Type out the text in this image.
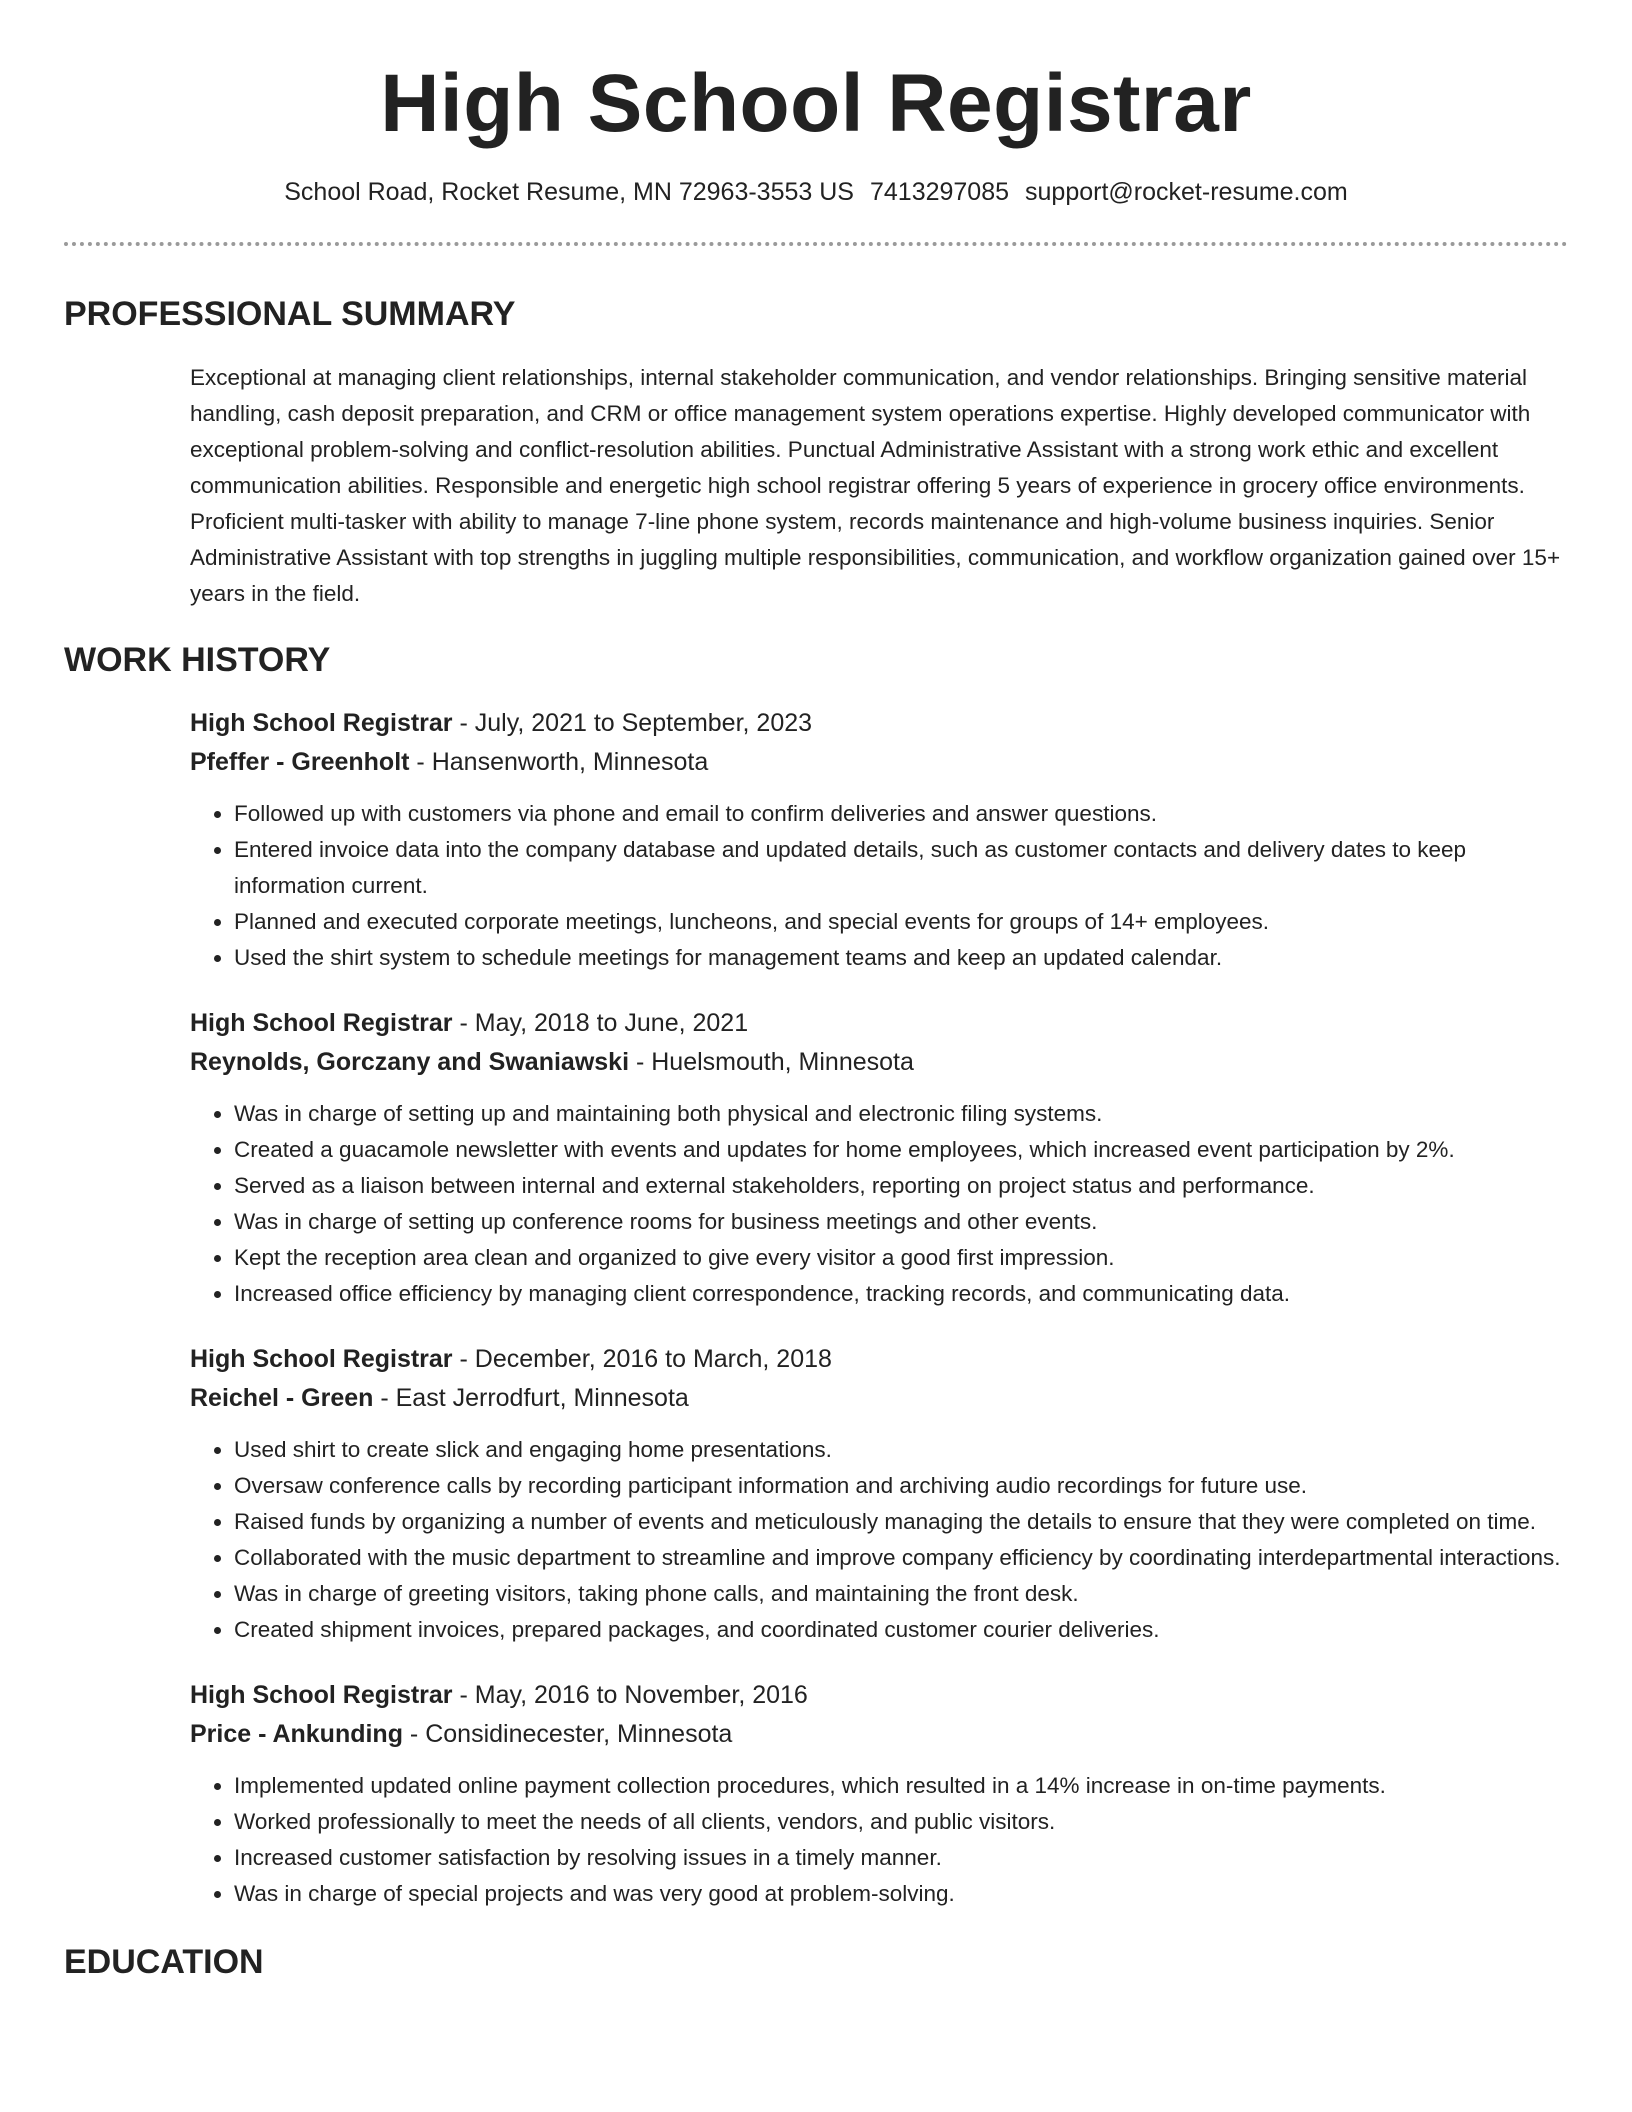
High School Registrar
School Road, Rocket Resume, MN 72963-3553 US 7413297085 support@rocket-resume.com
PROFESSIONAL SUMMARY
Exceptional at managing client relationships, internal stakeholder communication, and vendor relationships. Bringing sensitive material handling, cash deposit preparation, and CRM or office management system operations expertise. Highly developed communicator with exceptional problem-solving and conflict-resolution abilities. Punctual Administrative Assistant with a strong work ethic and excellent communication abilities. Responsible and energetic high school registrar offering 5 years of experience in grocery office environments. Proficient multi-tasker with ability to manage 7-line phone system, records maintenance and high-volume business inquiries. Senior Administrative Assistant with top strengths in juggling multiple responsibilities, communication, and workflow organization gained over 15+ years in the field.
WORK HISTORY
High School Registrar - July, 2021 to September, 2023
Pfeffer - Greenholt - Hansenworth, Minnesota
• Followed up with customers via phone and email to confirm deliveries and answer questions.
• Entered invoice data into the company database and updated details, such as customer contacts and delivery dates to keep information current.
• Planned and executed corporate meetings, luncheons, and special events for groups of 14+ employees.
• Used the shirt system to schedule meetings for management teams and keep an updated calendar.
High School Registrar - May, 2018 to June, 2021
Reynolds, Gorczany and Swaniawski - Huelsmouth, Minnesota
• Was in charge of setting up and maintaining both physical and electronic filing systems.
• Created a guacamole newsletter with events and updates for home employees, which increased event participation by 2%.
• Served as a liaison between internal and external stakeholders, reporting on project status and performance.
• Was in charge of setting up conference rooms for business meetings and other events.
• Kept the reception area clean and organized to give every visitor a good first impression.
• Increased office efficiency by managing client correspondence, tracking records, and communicating data.
High School Registrar - December, 2016 to March, 2018
Reichel - Green - East Jerrodfurt, Minnesota
• Used shirt to create slick and engaging home presentations.
• Oversaw conference calls by recording participant information and archiving audio recordings for future use.
• Raised funds by organizing a number of events and meticulously managing the details to ensure that they were completed on time.
• Collaborated with the music department to streamline and improve company efficiency by coordinating interdepartmental interactions.
• Was in charge of greeting visitors, taking phone calls, and maintaining the front desk.
• Created shipment invoices, prepared packages, and coordinated customer courier deliveries.
High School Registrar - May, 2016 to November, 2016
Price - Ankunding - Considinecester, Minnesota
• Implemented updated online payment collection procedures, which resulted in a 14% increase in on-time payments.
• Worked professionally to meet the needs of all clients, vendors, and public visitors.
• Increased customer satisfaction by resolving issues in a timely manner.
• Was in charge of special projects and was very good at problem-solving.
EDUCATION
